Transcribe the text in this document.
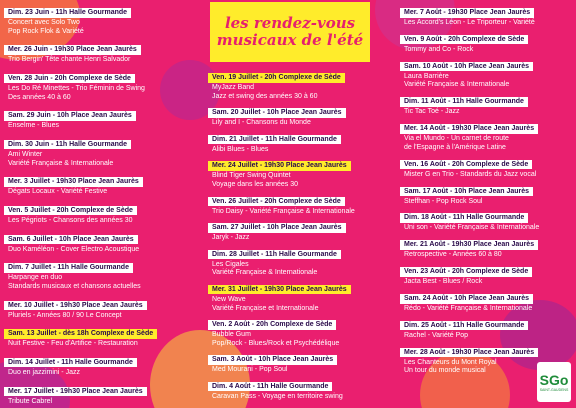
les rendez-vous
musicaux de l'été
Dim. 23 Juin - 11h Halle Gourmande
Concert avec Solo Two
Pop Rock Flok & Variété
Mer. 26 Juin - 19h30 Place Jean Jaurès
Trio Bergin' Tête chante Henri Salvador
Ven. 28 Juin - 20h Complexe de Sède
Les Do Ré Minettes - Trio Féminin de Swing
Des années 40 à 60
Sam. 29 Juin - 10h Place Jean Jaurès
Enselme - Blues
Dim. 30 Juin - 11h Halle Gourmande
Ami Winter
Variété Française & Internationale
Mer. 3 Juillet - 19h30 Place Jean Jaurès
Dégats Locaux - Variété Festive
Ven. 5 Juillet - 20h Complexe de Sède
Les Pégriots - Chansons des années 30
Sam. 6 Juillet - 10h Place Jean Jaurès
Duo Kaméléon - Cover Electro Acoustique
Dim. 7 Juillet - 11h Halle Gourmande
Harpange en duo
Standards musicaux et chansons actuelles
Mer. 10 Juillet - 19h30 Place Jean Jaurès
Pluriels - Années 80 / 90 Le Concept
Sam. 13 Juillet - dès 18h Complexe de Sède
Nuit Festive - Feu d'Artifice - Restauration
Dim. 14 Juillet - 11h Halle Gourmande
Duo en jazzimini - Jazz
Mer. 17 Juillet - 19h30 Place Jean Jaurès
Tribute Cabrel
Ven. 19 Juillet - 20h Complexe de Sède
MyJazz Band
Jazz et swing des années 30 à 60
Sam. 20 Juillet - 10h Place Jean Jaurès
Lily and I - Chansons du Monde
Dim. 21 Juillet - 11h Halle Gourmande
Alibi Blues - Blues
Mer. 24 Juillet - 19h30 Place Jean Jaurès
Blind Tiger Swing Quintet
Voyage dans les années 30
Ven. 26 Juillet - 20h Complexe de Sède
Trio Daisy - Variété Française & Internationale
Sam. 27 Juillet - 10h Place Jean Jaurès
Jaryk - Jazz
Dim. 28 Juillet - 11h Halle Gourmande
Les Cigales
Variété Française & Internationale
Mer. 31 Juillet - 19h30 Place Jean Jaurès
New Wave
Variété Française et Internationale
Ven. 2 Août - 20h Complexe de Sède
Bubble Gum
Pop/Rock - Blues/Rock et Psychédélique
Sam. 3 Août - 10h Place Jean Jaurès
Med Mourani - Pop Soul
Dim. 4 Août - 11h Halle Gourmande
Caravan Pass - Voyage en territoire swing
Mer. 7 Août - 19h30 Place Jean Jaurès
Les Accord's Léon - Le Triporteur - Variété
Ven. 9 Août - 20h Complexe de Sède
Tommy and Co - Rock
Sam. 10 Août - 10h Place Jean Jaurès
Laura Barrière
Variété Française & Internationale
Dim. 11 Août - 11h Halle Gourmande
Tic Tac Toé - Jazz
Mer. 14 Août - 19h30 Place Jean Jaurès
Via el Mundo - Un carnet de route
de l'Espagne à l'Amérique Latine
Ven. 16 Août - 20h Complexe de Sède
Mister G en Trio - Standards du Jazz vocal
Sam. 17 Août - 10h Place Jean Jaurès
Steffhan - Pop Rock Soul
Dim. 18 Août - 11h Halle Gourmande
Uni son - Variété Française & Internationale
Mer. 21 Août - 19h30 Place Jean Jaurès
Retrospective - Années 60 à 80
Ven. 23 Août - 20h Complexe de Sède
Jacta Best - Blues / Rock
Sam. 24 Août - 10h Place Jean Jaurès
Rédo - Variété Française & Internationale
Dim. 25 Août - 11h Halle Gourmande
Rachel - Variété Pop
Mer. 28 Août - 19h30 Place Jean Jaurès
Les Chanteurs du Mont Royal
Un tour du monde musical
SGo
SAINT-GAUDENS
